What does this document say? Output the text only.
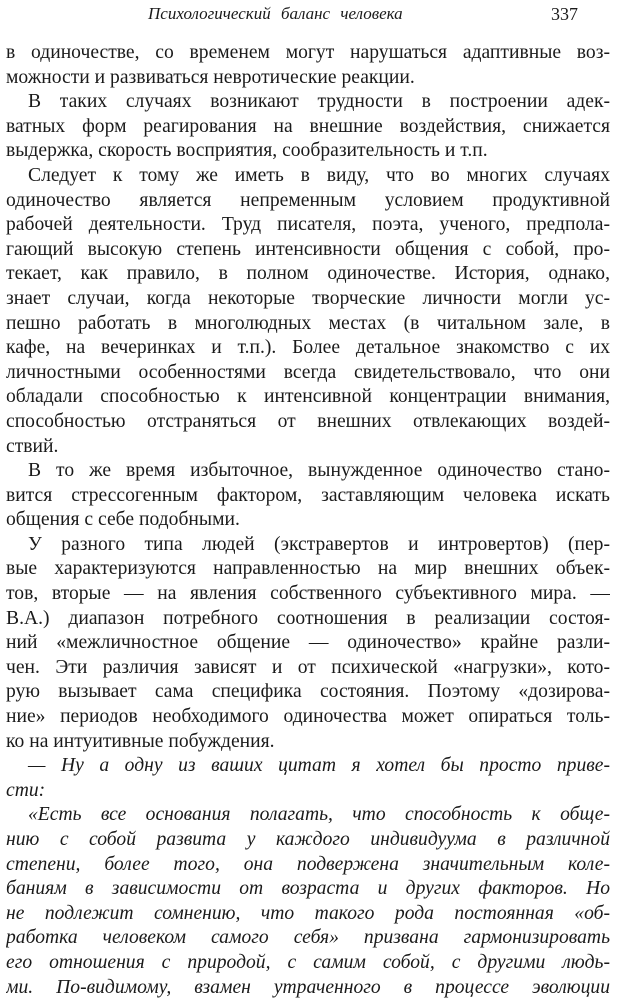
Психологический баланс человека	337
в одиночестве, со временем могут нарушаться адаптивные воз-
можности и развиваться невротические реакции.
В таких случаях возникают трудности в построении адек-
ватных форм реагирования на внешние воздействия, снижается
выдержка, скорость восприятия, сообразительность и т.п.
Следует к тому же иметь в виду, что во многих случаях
одиночество является непременным условием продуктивной
рабочей деятельности. Труд писателя, поэта, ученого, предпола-
гающий высокую степень интенсивности общения с собой, про-
текает, как правило, в полном одиночестве. История, однако,
знает случаи, когда некоторые творческие личности могли ус-
пешно работать в многолюдных местах (в читальном зале, в
кафе, на вечеринках и т.п.). Более детальное знакомство с их
личностными особенностями всегда свидетельствовало, что они
обладали способностью к интенсивной концентрации внимания,
способностью отстраняться от внешних отвлекающих воздей-
ствий.
В то же время избыточное, вынужденное одиночество стано-
вится стрессогенным фактором, заставляющим человека искать
общения с себе подобными.
У разного типа людей (экстравертов и интровертов) (пер-
вые характеризуются направленностью на мир внешних объек-
тов, вторые — на явления собственного субъективного мира. —
В.А.) диапазон потребного соотношения в реализации состоя-
ний «межличностное общение — одиночество» крайне разли-
чен. Эти различия зависят и от психической «нагрузки», кото-
рую вызывает сама специфика состояния. Поэтому «дозирова-
ние» периодов необходимого одиночества может опираться толь-
ко на интуитивные побуждения.
— Ну а одну из ваших цитат я хотел бы просто приве-
сти:
«Есть все основания полагать, что способность к обще-
нию с собой развита у каждого индивидуума в различной
степени, более того, она подвержена значительным коле-
баниям в зависимости от возраста и других факторов. Но
не подлежит сомнению, что такого рода постоянная «об-
работка человеком самого себя» призвана гармонизировать
его отношения с природой, с самим собой, с другими людь-
ми. По-видимому, взамен утраченного в процессе эволюции
